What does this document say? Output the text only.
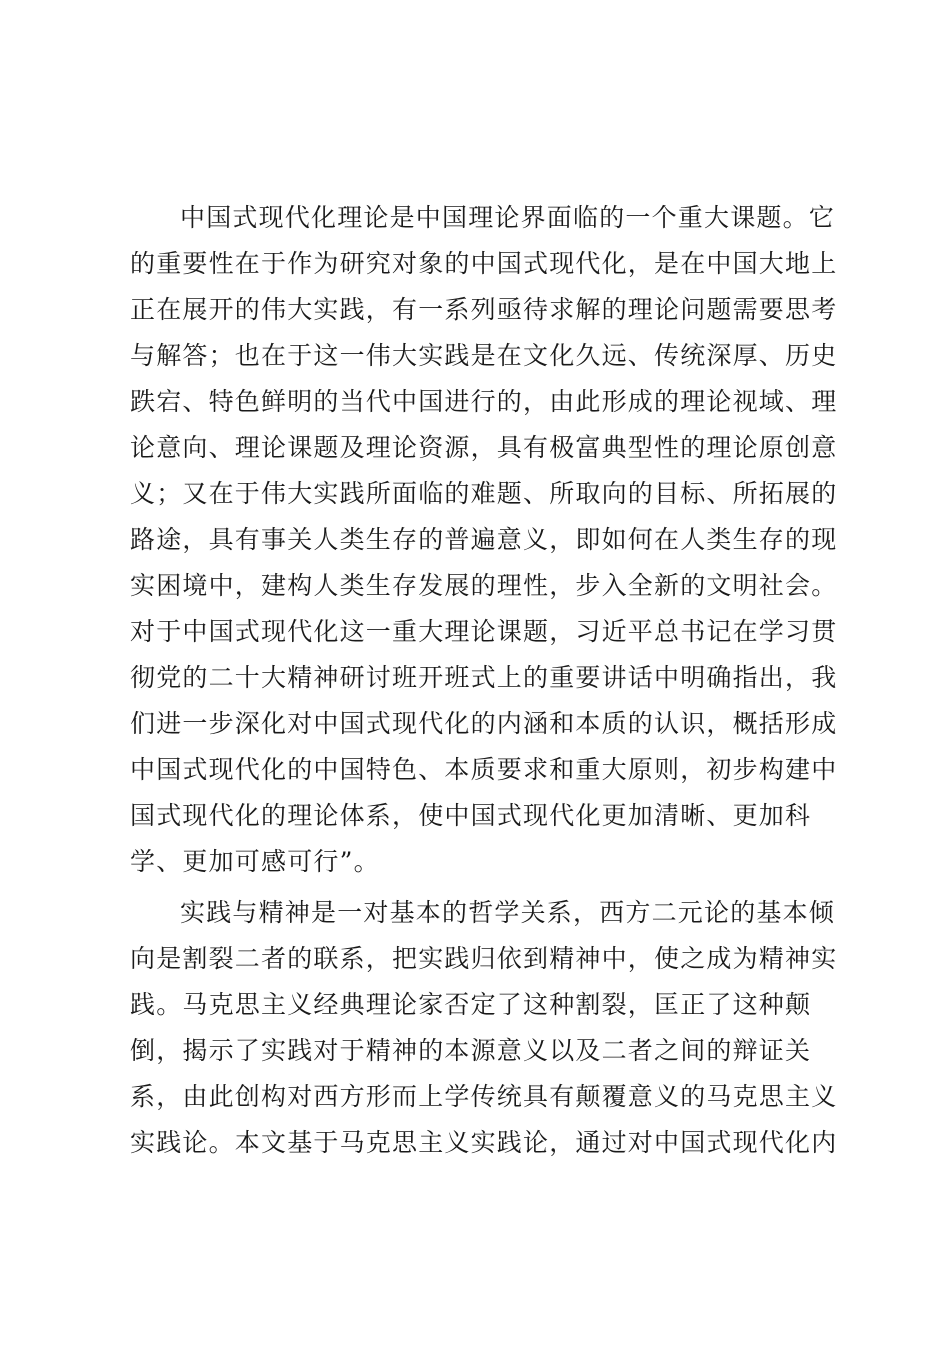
中国式现代化理论是中国理论界面临的一个重大课题。它
的重要性在于作为研究对象的中国式现代化，是在中国大地上
正在展开的伟大实践，有一系列亟待求解的理论问题需要思考
与解答；也在于这一伟大实践是在文化久远、传统深厚、历史
跌宕、特色鲜明的当代中国进行的，由此形成的理论视域、理
论意向、理论课题及理论资源，具有极富典型性的理论原创意
义；又在于伟大实践所面临的难题、所取向的目标、所拓展的
路途，具有事关人类生存的普遍意义，即如何在人类生存的现
实困境中，建构人类生存发展的理性，步入全新的文明社会。
对于中国式现代化这一重大理论课题，习近平总书记在学习贯
彻党的二十大精神研讨班开班式上的重要讲话中明确指出，我
们进一步深化对中国式现代化的内涵和本质的认识，概括形成
中国式现代化的中国特色、本质要求和重大原则，初步构建中
国式现代化的理论体系，使中国式现代化更加清晰、更加科
学、更加可感可行”。
实践与精神是一对基本的哲学关系，西方二元论的基本倾
向是割裂二者的联系，把实践归依到精神中，使之成为精神实
践。马克思主义经典理论家否定了这种割裂，匡正了这种颠
倒，揭示了实践对于精神的本源意义以及二者之间的辩证关
系，由此创构对西方形而上学传统具有颠覆意义的马克思主义
实践论。本文基于马克思主义实践论，通过对中国式现代化内
